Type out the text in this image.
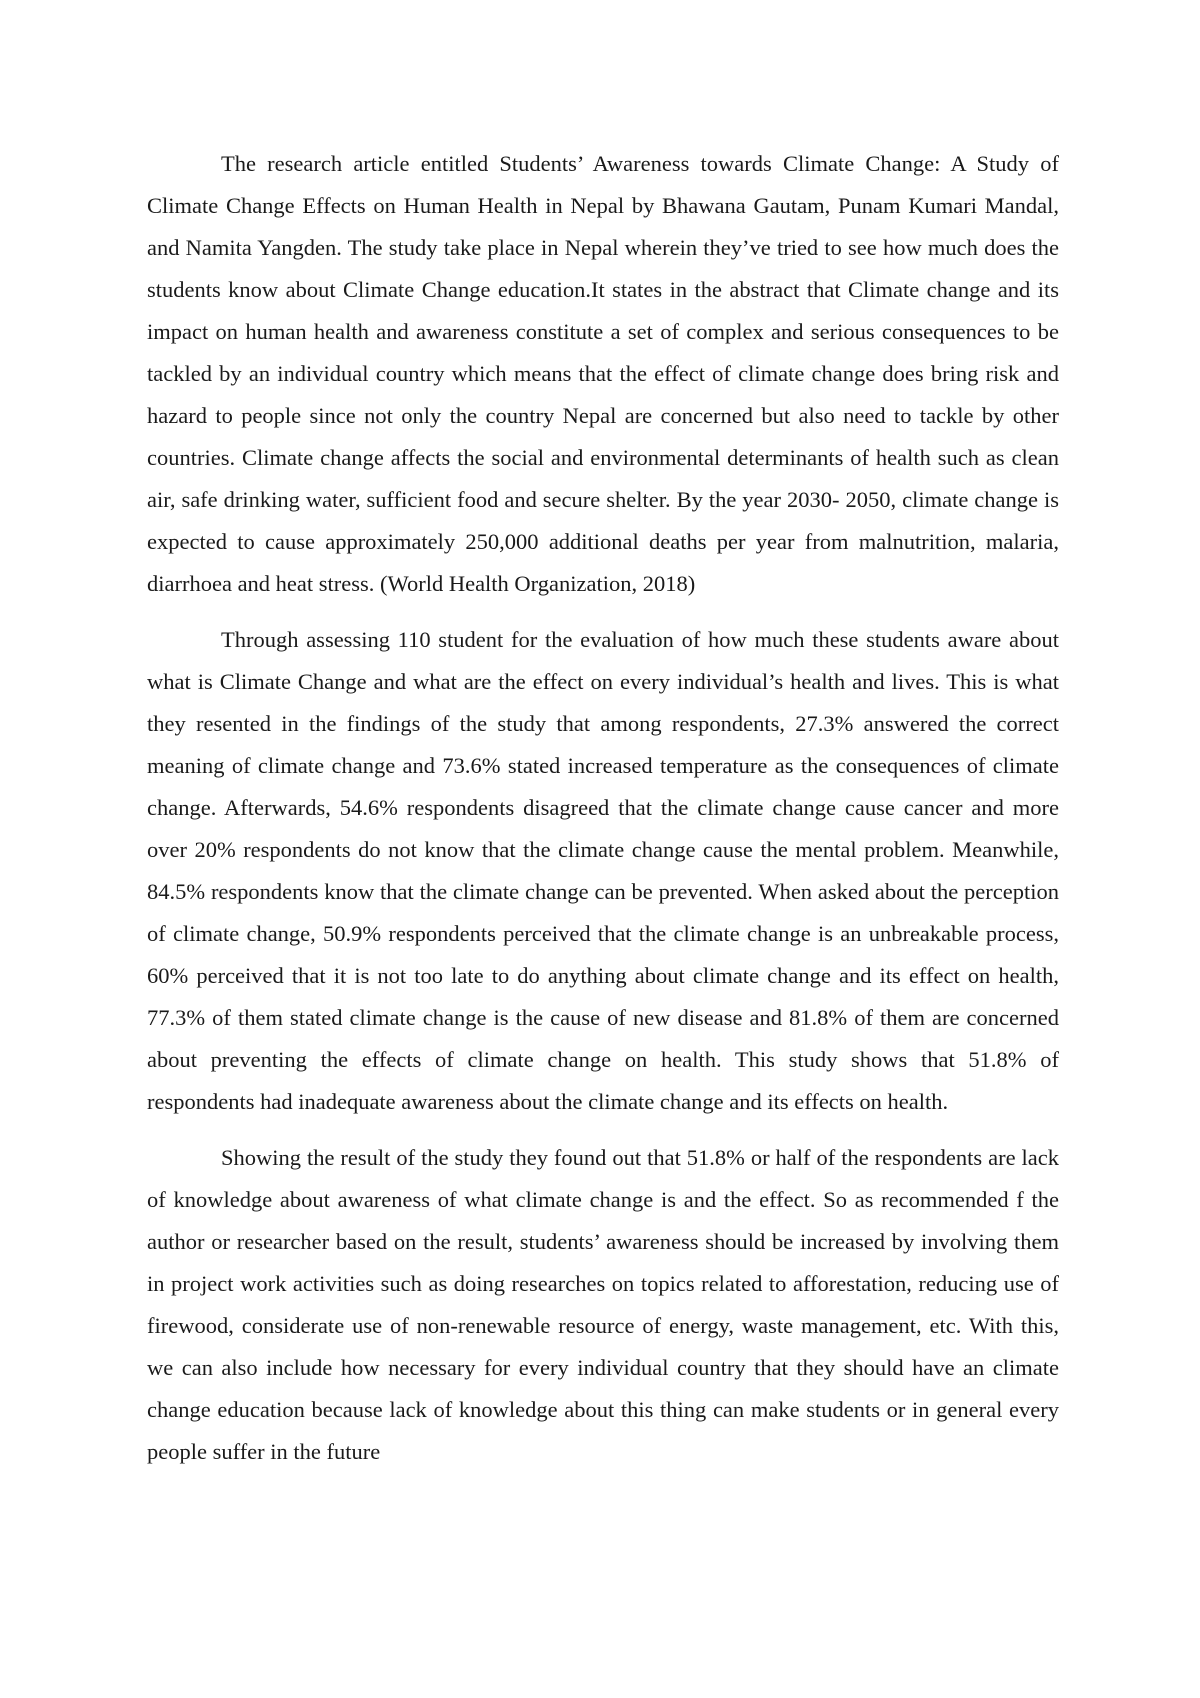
The research article entitled Students’ Awareness towards Climate Change: A Study of Climate Change Effects on Human Health in Nepal by Bhawana Gautam, Punam Kumari Mandal, and Namita Yangden. The study take place in Nepal wherein they’ve tried to see how much does the students know about Climate Change education.It states in the abstract that Climate change and its impact on human health and awareness constitute a set of complex and serious consequences to be tackled by an individual country which means that the effect of climate change does bring risk and hazard to people since not only the country Nepal are concerned but also need to tackle by other countries. Climate change affects the social and environmental determinants of health such as clean air, safe drinking water, sufficient food and secure shelter. By the year 2030- 2050, climate change is expected to cause approximately 250,000 additional deaths per year from malnutrition, malaria, diarrhoea and heat stress. (World Health Organization, 2018)

Through assessing 110 student for the evaluation of how much these students aware about what is Climate Change and what are the effect on every individual’s health and lives. This is what they resented in the findings of the study that among respondents, 27.3% answered the correct meaning of climate change and 73.6% stated increased temperature as the consequences of climate change. Afterwards, 54.6% respondents disagreed that the climate change cause cancer and more over 20% respondents do not know that the climate change cause the mental problem. Meanwhile, 84.5% respondents know that the climate change can be prevented. When asked about the perception of climate change, 50.9% respondents perceived that the climate change is an unbreakable process, 60% perceived that it is not too late to do anything about climate change and its effect on health, 77.3% of them stated climate change is the cause of new disease and 81.8% of them are concerned about preventing the effects of climate change on health. This study shows that 51.8% of respondents had inadequate awareness about the climate change and its effects on health.

Showing the result of the study they found out that 51.8% or half of the respondents are lack of knowledge about awareness of what climate change is and the effect. So as recommended f the author or researcher based on the result, students’ awareness should be increased by involving them in project work activities such as doing researches on topics related to afforestation, reducing use of firewood, considerate use of non-renewable resource of energy, waste management, etc. With this, we can also include how necessary for every individual country that they should have an climate change education because lack of knowledge about this thing can make students or in general every people suffer in the future
